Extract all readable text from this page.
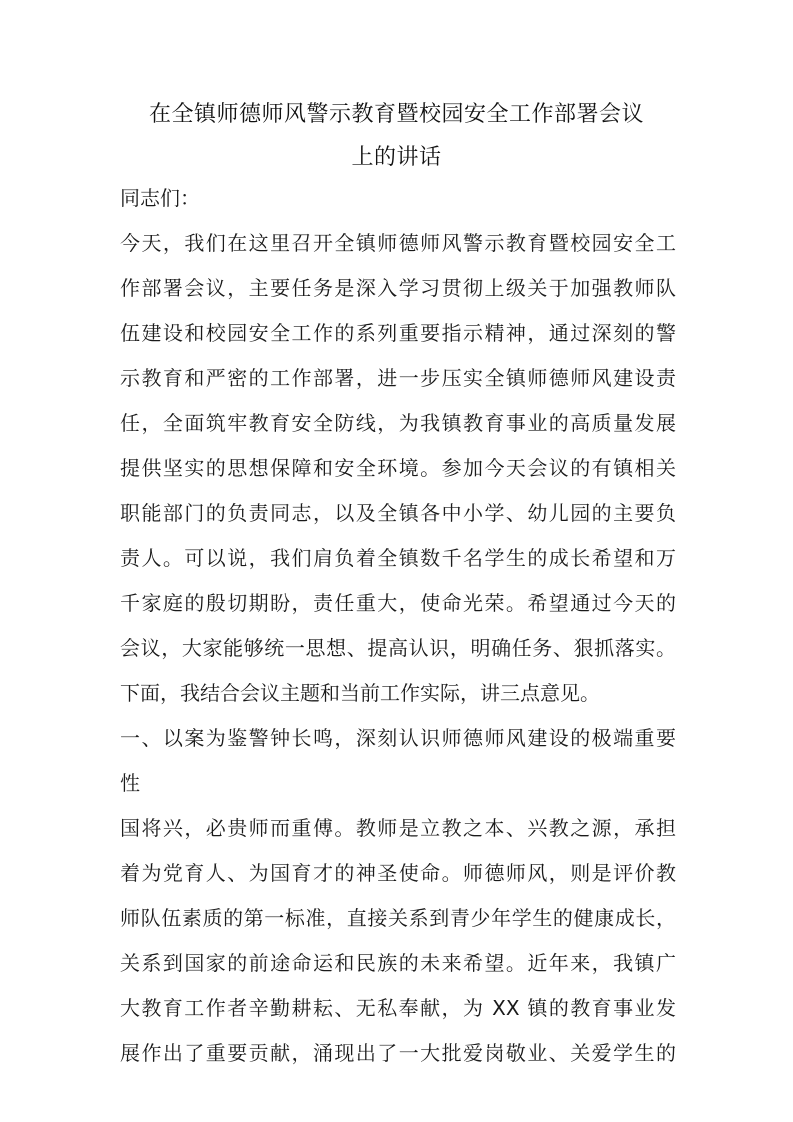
在全镇师德师风警示教育暨校园安全工作部署会议
上的讲话
同志们：
今天，我们在这里召开全镇师德师风警示教育暨校园安全工
作部署会议，主要任务是深入学习贯彻上级关于加强教师队
伍建设和校园安全工作的系列重要指示精神，通过深刻的警
示教育和严密的工作部署，进一步压实全镇师德师风建设责
任，全面筑牢教育安全防线，为我镇教育事业的高质量发展
提供坚实的思想保障和安全环境。参加今天会议的有镇相关
职能部门的负责同志，以及全镇各中小学、幼儿园的主要负
责人。可以说，我们肩负着全镇数千名学生的成长希望和万
千家庭的殷切期盼，责任重大，使命光荣。希望通过今天的
会议，大家能够统一思想、提高认识，明确任务、狠抓落实。
下面，我结合会议主题和当前工作实际，讲三点意见。
一、以案为鉴警钟长鸣，深刻认识师德师风建设的极端重要
性
国将兴，必贵师而重傅。教师是立教之本、兴教之源，承担
着为党育人、为国育才的神圣使命。师德师风，则是评价教
师队伍素质的第一标准，直接关系到青少年学生的健康成长，
关系到国家的前途命运和民族的未来希望。近年来，我镇广
大教育工作者辛勤耕耘、无私奉献，为 XX 镇的教育事业发
展作出了重要贡献，涌现出了一大批爱岗敬业、关爱学生的
